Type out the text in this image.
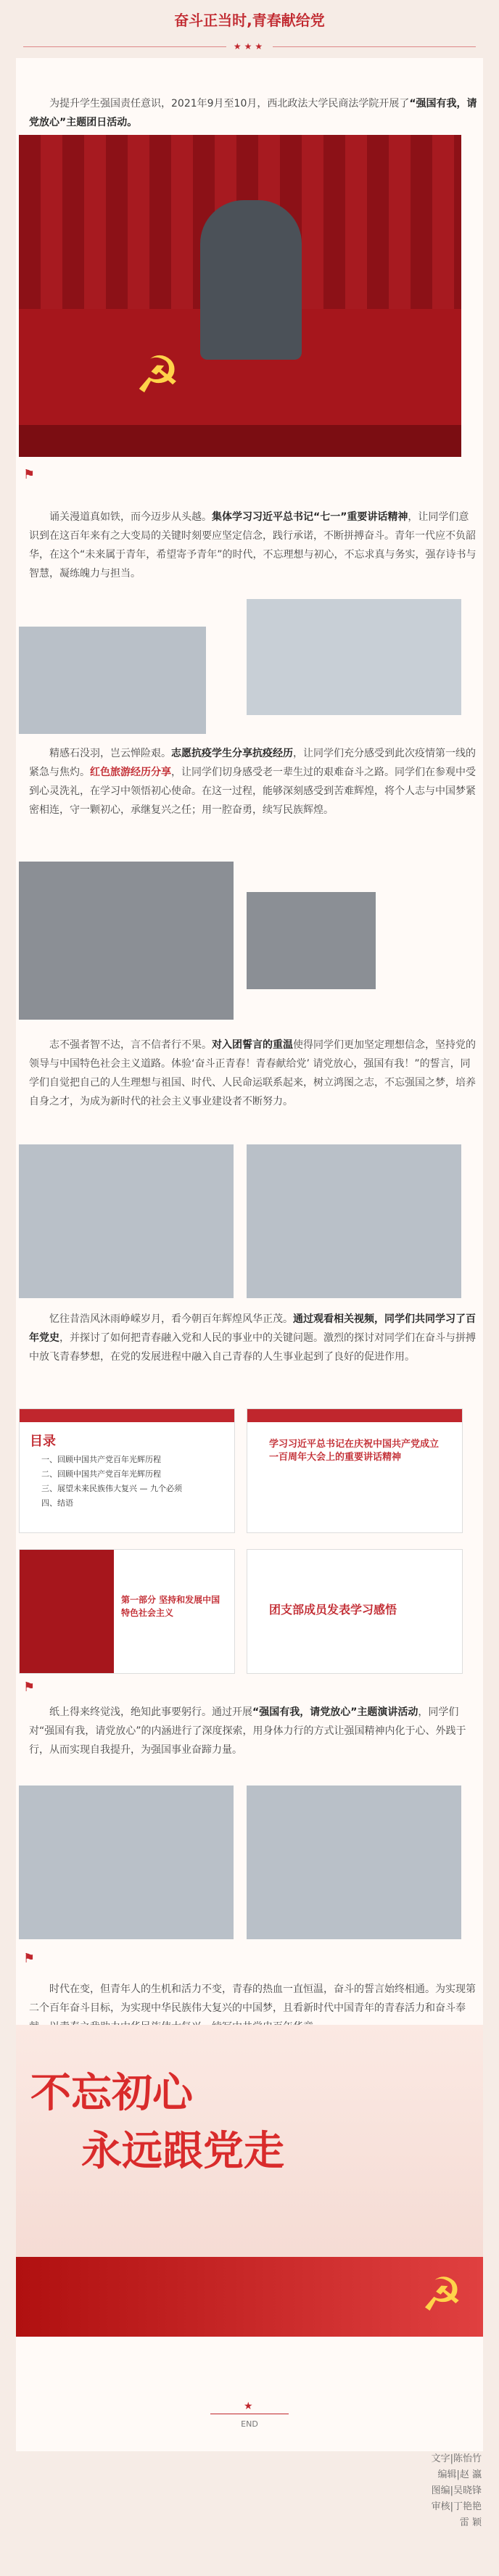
奋斗正当时,青春献给党
★★★
为提升学生强国责任意识，2021年9月至10月，西北政法大学民商法学院开展了“强国有我，请党放心”主题团日活动。
☭
⚑
诵关漫道真如铁，而今迈步从头越。集体学习习近平总书记“七一”重要讲话精神，让同学们意识到在这百年来有之大变局的关键时刻要应坚定信念，践行承诺，不断拼搏奋斗。青年一代应不负韶华，在这个“未来属于青年，希望寄予青年”的时代，不忘理想与初心，不忘求真与务实，强存诗书与智慧，凝练魄力与担当。
精感石没羽，岂云惮险艰。志愿抗疫学生分享抗疫经历，让同学们充分感受到此次疫情第一线的紧急与焦灼。红色旅游经历分享，让同学们切身感受老一辈生过的艰难奋斗之路。同学们在参观中受到心灵洗礼，在学习中领悟初心使命。在这一过程，能够深刻感受到苦难辉煌，将个人志与中国梦紧密相连，守一颗初心，承继复兴之任；用一腔奋勇，续写民族辉煌。
志不强者智不达，言不信者行不果。对入团誓言的重温使得同学们更加坚定理想信念，坚持党的领导与中国特色社会主义道路。体验‘奋斗正青春！青春献给党’ 请党放心，强国有我！”的誓言，同学们自觉把自己的人生理想与祖国、时代、人民命运联系起来，树立鸿图之志，不忘强国之梦，培养自身之才，为成为新时代的社会主义事业建设者不断努力。
忆往昔浩风沐雨峥嵘岁月，看今朝百年辉煌风华正茂。通过观看相关视频，同学们共同学习了百年党史，并探讨了如何把青春融入党和人民的事业中的关键问题。激烈的探讨对同学们在奋斗与拼搏中放飞青春梦想，在党的发展进程中融入自己青春的人生事业起到了良好的促进作用。
目录
一、回顾中国共产党百年光辉历程
二、回顾中国共产党百年光辉历程
三、展望未来民族伟大复兴 — 九个必须
四、结语
学习习近平总书记在庆祝中国共产党成立一百周年大会上的重要讲话精神
第一部分 坚持和发展中国特色社会主义	团支部成员发表学习感悟
⚑
纸上得来终觉浅，绝知此事要躬行。通过开展“强国有我，请党放心”主题演讲活动，同学们对“强国有我，请党放心”的内涵进行了深度探索，用身体力行的方式让强国精神内化于心、外践于行，从而实现自我提升，为强国事业奋蹄力量。
⚑
时代在变，但青年人的生机和活力不变，青春的热血一直恒温，奋斗的誓言始终相通。为实现第二个百年奋斗目标，为实现中华民族伟大复兴的中国梦，且看新时代中国青年的青春活力和奋斗奉
不忘初心
永远跟党走
☭
★
END
文字|陈怡竹
编辑|赵 瀛
图编|吴晓锋
审核|丁艳艳
雷 颖
